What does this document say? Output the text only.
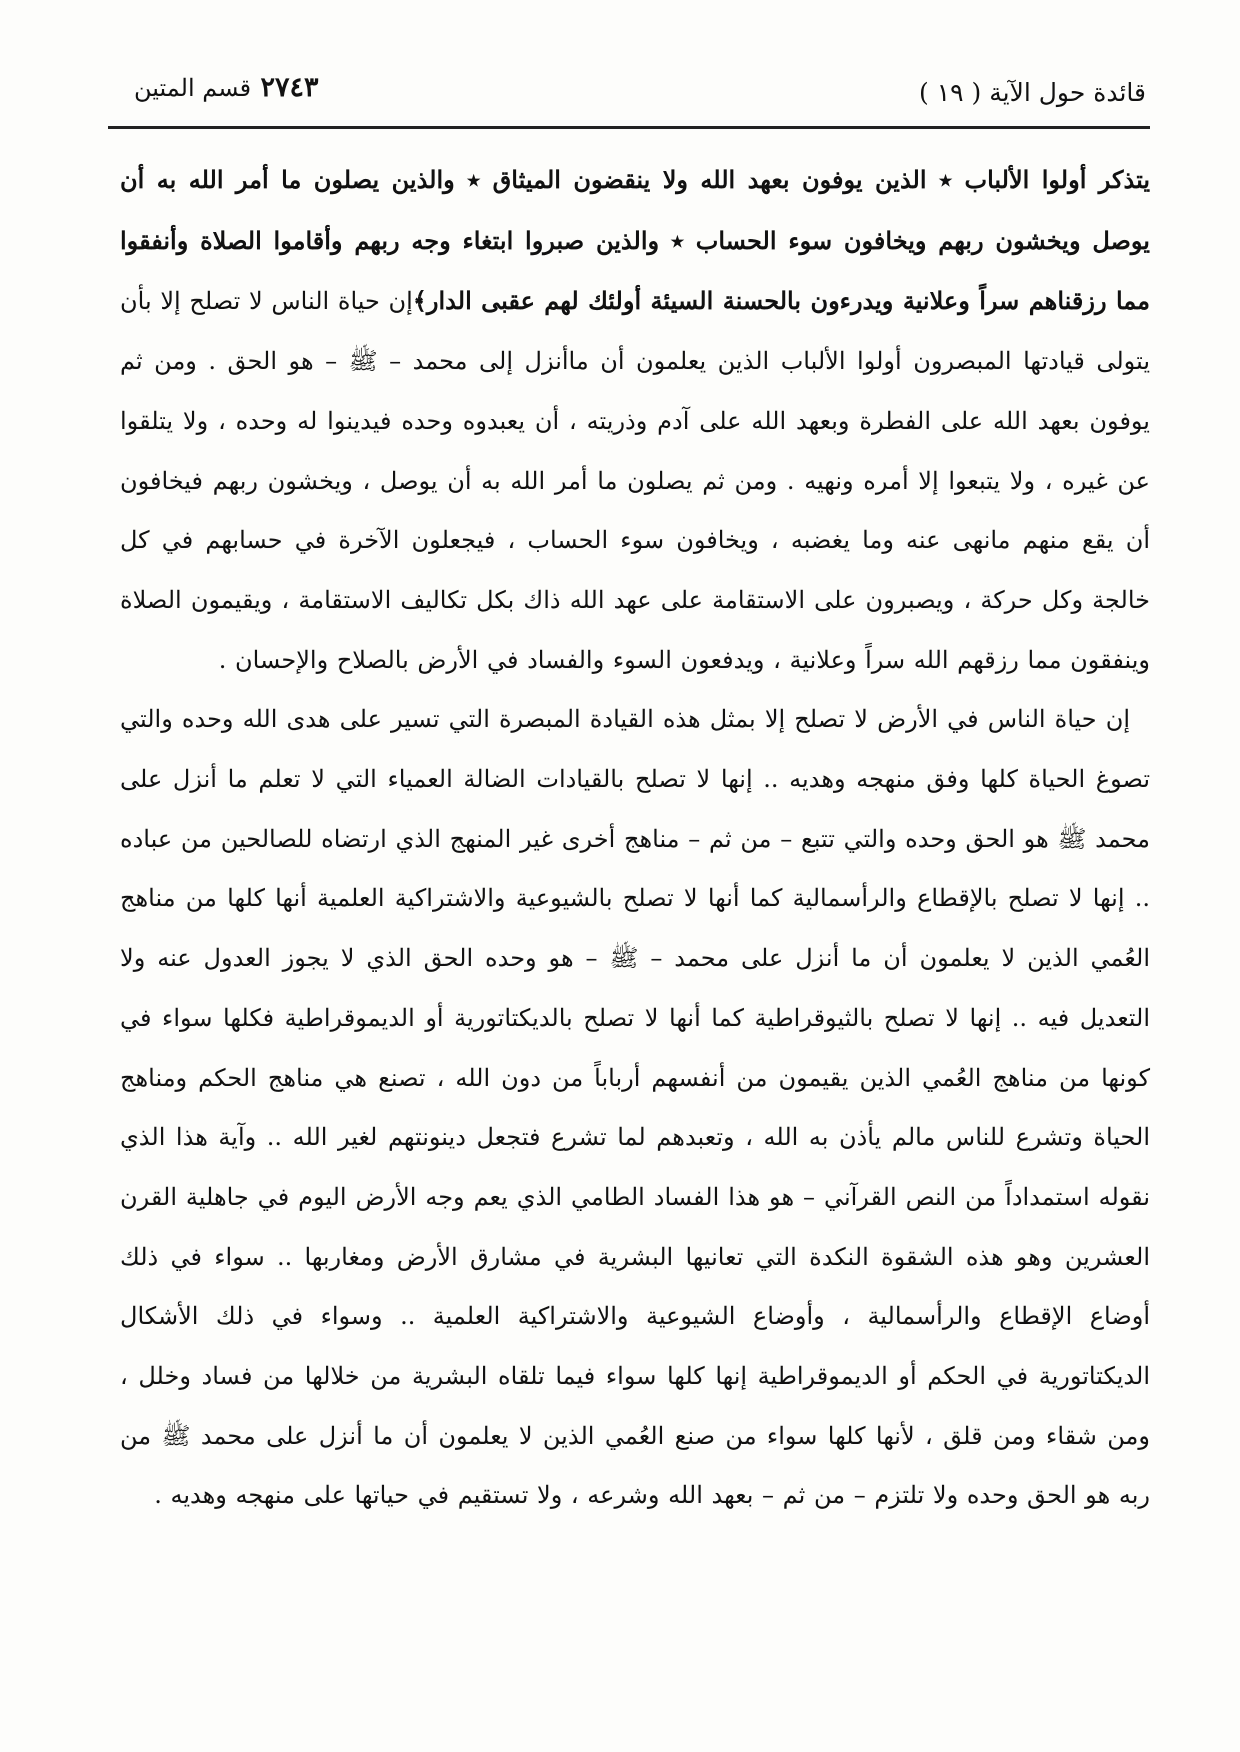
قائدة حول الآية ( ١٩ )
٢٧٤٣ قسم المتين

يتذكر أولوا الألباب ٭ الذين يوفون بعهد الله ولا ينقضون الميثاق ٭ والذين يصلون ما أمر الله به أن يوصل ويخشون ربهم ويخافون سوء الحساب ٭ والذين صبروا ابتغاء وجه ربهم وأقاموا الصلاة وأنفقوا مما رزقناهم سراً وعلانية ويدرءون بالحسنة السيئة أولئك لهم عقبى الدار﴾إن حياة الناس لا تصلح إلا بأن يتولى قيادتها المبصرون أولوا الألباب الذين يعلمون أن ماأنزل إلى محمد – ﷺ – هو الحق . ومن ثم يوفون بعهد الله على الفطرة وبعهد الله على آدم وذريته ، أن يعبدوه وحده فيدينوا له وحده ، ولا يتلقوا عن غيره ، ولا يتبعوا إلا أمره ونهيه . ومن ثم يصلون ما أمر الله به أن يوصل ، ويخشون ربهم فيخافون أن يقع منهم مانهى عنه وما يغضبه ، ويخافون سوء الحساب ، فيجعلون الآخرة في حسابهم في كل خالجة وكل حركة ، ويصبرون على الاستقامة على عهد الله ذاك بكل تكاليف الاستقامة ، ويقيمون الصلاة وينفقون مما رزقهم الله سراً وعلانية ، ويدفعون السوء والفساد في الأرض بالصلاح والإحسان .

إن حياة الناس في الأرض لا تصلح إلا بمثل هذه القيادة المبصرة التي تسير على هدى الله وحده والتي تصوغ الحياة كلها وفق منهجه وهديه .. إنها لا تصلح بالقيادات الضالة العمياء التي لا تعلم ما أنزل على محمد ﷺ هو الحق وحده والتي تتبع – من ثم – مناهج أخرى غير المنهج الذي ارتضاه للصالحين من عباده .. إنها لا تصلح بالإقطاع والرأسمالية كما أنها لا تصلح بالشيوعية والاشتراكية العلمية أنها كلها من مناهج العُمي الذين لا يعلمون أن ما أنزل على محمد – ﷺ – هو وحده الحق الذي لا يجوز العدول عنه ولا التعديل فيه .. إنها لا تصلح بالثيوقراطية كما أنها لا تصلح بالديكتاتورية أو الديموقراطية فكلها سواء في كونها من مناهج العُمي الذين يقيمون من أنفسهم أرباباً من دون الله ، تصنع هي مناهج الحكم ومناهج الحياة وتشرع للناس مالم يأذن به الله ، وتعبدهم لما تشرع فتجعل دينونتهم لغير الله .. وآية هذا الذي نقوله استمداداً من النص القرآني – هو هذا الفساد الطامي الذي يعم وجه الأرض اليوم في جاهلية القرن العشرين وهو هذه الشقوة النكدة التي تعانيها البشرية في مشارق الأرض ومغاربها .. سواء في ذلك أوضاع الإقطاع والرأسمالية ، وأوضاع الشيوعية والاشتراكية العلمية .. وسواء في ذلك الأشكال الديكتاتورية في الحكم أو الديموقراطية إنها كلها سواء فيما تلقاه البشرية من خلالها من فساد وخلل ، ومن شقاء ومن قلق ، لأنها كلها سواء من صنع العُمي الذين لا يعلمون أن ما أنزل على محمد ﷺ من ربه هو الحق وحده ولا تلتزم – من ثم – بعهد الله وشرعه ، ولا تستقيم في حياتها على منهجه وهديه .
